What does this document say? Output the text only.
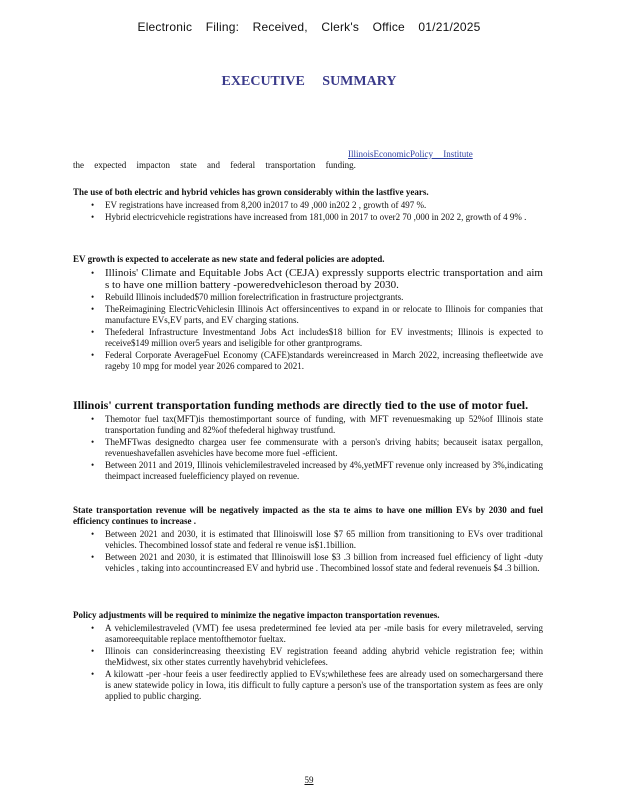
Electronic Filing: Received, Clerk's Office 01/21/2025
EXECUTIVE SUMMARY
IllinoisEconomicPolicy Institute
the expected impacton state and federal transportation funding.
The use of both electric and hybrid vehicles has grown considerably within the lastfive years.
• EV registrations have increased from 8,200 in2017 to 49 ,000 in202 2 , growth of 497 %.
• Hybrid electricvehicle registrations have increased from 181,000 in 2017 to over2 70 ,000 in 202 2, growth of 4 9% .
EV growth is expected to accelerate as new state and federal policies are adopted.
• Illinois' Climate and Equitable Jobs Act (CEJA) expressly supports electric transportation and aim s to have one million battery -poweredvehicleson theroad by 2030.
• Rebuild Illinois included$70 million forelectrification in frastructure projectgrants.
• TheReimagining ElectricVehiclesin Illinois Act offersincentives to expand in or relocate to Illinois for companies that manufacture EVs,EV parts, and EV charging stations.
• Thefederal Infrastructure Investmentand Jobs Act includes$18 billion for EV investments; Illinois is expected to receive$149 million over5 years and iseligible for other grantprograms.
• Federal Corporate AverageFuel Economy (CAFE)standards wereincreased in March 2022, increasing thefleetwide ave rageby 10 mpg for model year 2026 compared to 2021.
Illinois' current transportation funding methods are directly tied to the use of motor fuel.
• Themotor fuel tax(MFT)is themostimportant source of funding, with MFT revenuesmaking up 52%of Illinois state transportation funding and 82%of thefederal highway trustfund.
• TheMFTwas designedto chargea user fee commensurate with a person's driving habits; becauseit isatax pergallon, revenueshavefallen asvehicles have become more fuel -efficient.
• Between 2011 and 2019, Illinois vehiclemilestraveled increased by 4%,yetMFT revenue only increased by 3%,indicating theimpact increased fuelefficiency played on revenue.
State transportation revenue will be negatively impacted as the sta te aims to have one million EVs by 2030 and fuel efficiency continues to increase .
• Between 2021 and 2030, it is estimated that Illinoiswill lose $7 65 million from transitioning to EVs over traditional vehicles. Thecombined lossof state and federal re venue is$1.1billion.
• Between 2021 and 2030, it is estimated that Illinoiswill lose $3 .3 billion from increased fuel efficiency of light -duty vehicles , taking into accountincreased EV and hybrid use . Thecombined lossof state and federal revenueis $4 .3 billion.
Policy adjustments will be required to minimize the negative impacton transportation revenues.
• A vehiclemilestraveled (VMT) fee usesa predetermined fee levied ata per -mile basis for every miletraveled, serving asamoreequitable replace mentofthemotor fueltax.
• Illinois can considerincreasing theexisting EV registration feeand adding ahybrid vehicle registration fee; within theMidwest, six other states currently havehybrid vehiclefees.
• A kilowatt -per -hour feeis a user feedirectly applied to EVs;whilethese fees are already used on somechargersand there is anew statewide policy in Iowa, itis difficult to fully capture a person's use of the transportation system as fees are only applied to public charging.
59
